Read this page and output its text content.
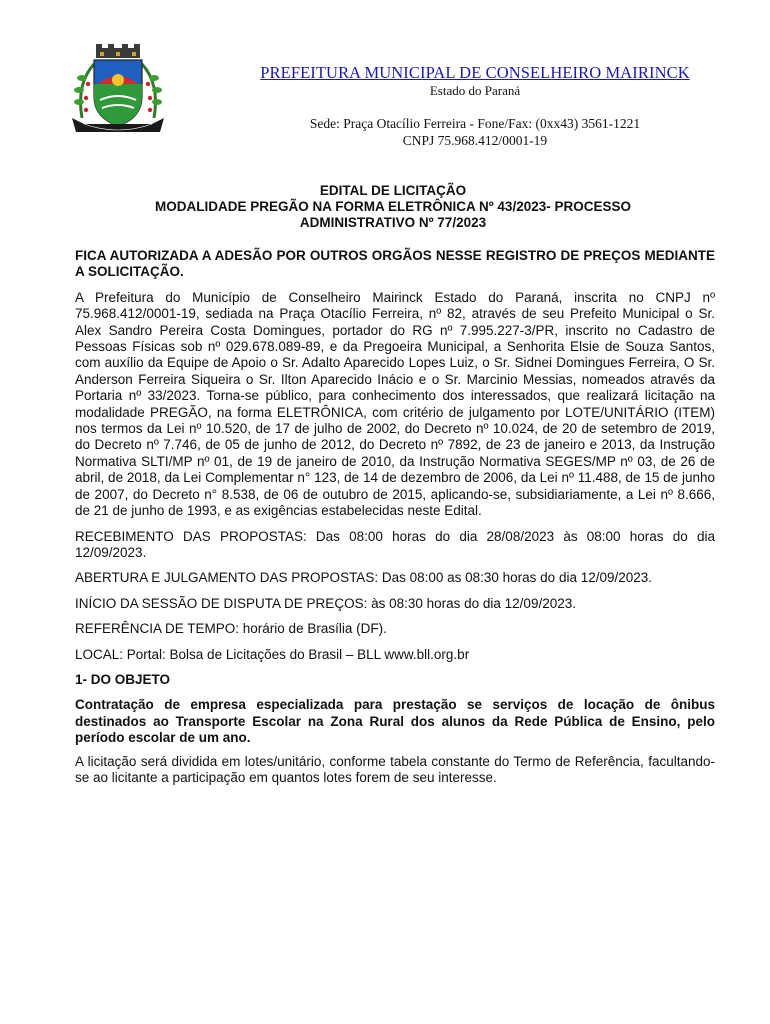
PREFEITURA MUNICIPAL DE CONSELHEIRO MAIRINCK
Estado do Paraná
Sede: Praça Otacílio Ferreira - Fone/Fax: (0xx43) 3561-1221
CNPJ 75.968.412/0001-19
EDITAL DE LICITAÇÃO
MODALIDADE PREGÃO NA FORMA ELETRÔNICA Nº 43/2023- PROCESSO
ADMINISTRATIVO Nº 77/2023

FICA AUTORIZADA A ADESÃO POR OUTROS ORGÃOS NESSE REGISTRO DE PREÇOS MEDIANTE A SOLICITAÇÃO.

A Prefeitura do Município de Conselheiro Mairinck Estado do Paraná, inscrita no CNPJ nº 75.968.412/0001-19, sediada na Praça Otacílio Ferreira, nº 82, através de seu Prefeito Municipal o Sr. Alex Sandro Pereira Costa Domingues, portador do RG nº 7.995.227-3/PR, inscrito no Cadastro de Pessoas Físicas sob nº 029.678.089-89, e da Pregoeira Municipal, a Senhorita Elsie de Souza Santos, com auxílio da Equipe de Apoio o Sr. Adalto Aparecido Lopes Luiz, o Sr. Sidnei Domingues Ferreira, O Sr. Anderson Ferreira Siqueira o Sr. Ilton Aparecido Inácio e o Sr. Marcinio Messias, nomeados através da Portaria nº 33/2023. Torna-se público, para conhecimento dos interessados, que realizará licitação na modalidade PREGÃO, na forma ELETRÔNICA, com critério de julgamento por LOTE/UNITÁRIO (ITEM) nos termos da Lei nº 10.520, de 17 de julho de 2002, do Decreto nº 10.024, de 20 de setembro de 2019, do Decreto nº 7.746, de 05 de junho de 2012, do Decreto nº 7892, de 23 de janeiro e 2013, da Instrução Normativa SLTI/MP nº 01, de 19 de janeiro de 2010, da Instrução Normativa SEGES/MP nº 03, de 26 de abril, de 2018, da Lei Complementar n° 123, de 14 de dezembro de 2006, da Lei nº 11.488, de 15 de junho de 2007, do Decreto n° 8.538, de 06 de outubro de 2015, aplicando-se, subsidiariamente, a Lei nº 8.666, de 21 de junho de 1993, e as exigências estabelecidas neste Edital.

RECEBIMENTO DAS PROPOSTAS: Das 08:00 horas do dia 28/08/2023 às 08:00 horas do dia 12/09/2023.

ABERTURA E JULGAMENTO DAS PROPOSTAS: Das 08:00 as 08:30 horas do dia 12/09/2023.

INÍCIO DA SESSÃO DE DISPUTA DE PREÇOS: às 08:30 horas do dia 12/09/2023.

REFERÊNCIA DE TEMPO: horário de Brasília (DF).

LOCAL: Portal: Bolsa de Licitações do Brasil – BLL www.bll.org.br

1- DO OBJETO

Contratação de empresa especializada para prestação se serviços de locação de ônibus destinados ao Transporte Escolar na Zona Rural dos alunos da Rede Pública de Ensino, pelo período escolar de um ano.

A licitação será dividida em lotes/unitário, conforme tabela constante do Termo de Referência, facultando-se ao licitante a participação em quantos lotes forem de seu interesse.
